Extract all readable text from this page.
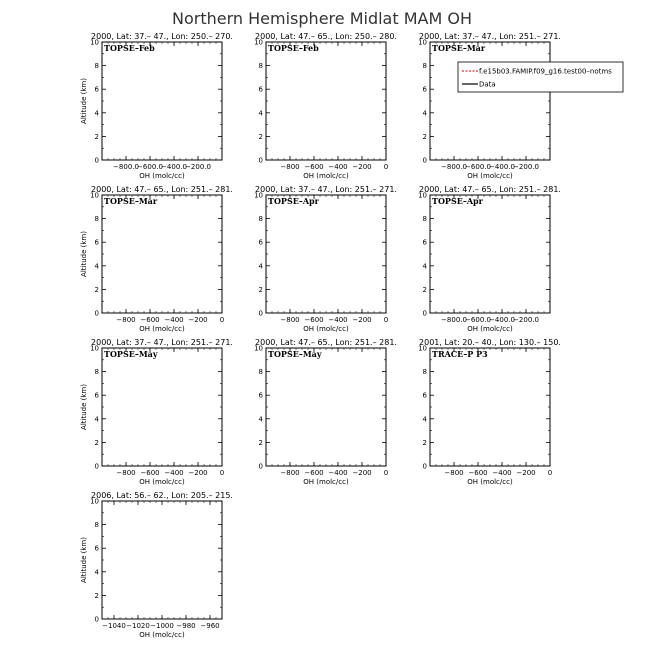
Northern Hemisphere Midlat MAM OH
2000, Lat: 37.– 47., Lon: 250.– 270.
0
2
4
6
8
10
−800.0
−600.0
−400.0
−200.0
OH (molc/cc)
Altitude (km)
TOPSE–Feb
2000, Lat: 47.– 65., Lon: 250.– 280.
0
2
4
6
8
10
−800 −600 −400 −200 0
OH (molc/cc)
TOPSE–Feb
2000, Lat: 37.– 47., Lon: 251.– 271.
0
2
4
6
8
10
−800.0
−600.0
−400.0
−200.0
OH (molc/cc)
TOPSE–Mar
2000, Lat: 47.– 65., Lon: 251.– 281.
0
2
4
6
8
10
−800 −600 −400 −200 0
OH (molc/cc)
Altitude (km)
TOPSE–Mar
2000, Lat: 37.– 47., Lon: 251.– 271.
0
2
4
6
8
10
−800 −600 −400 −200 0
OH (molc/cc)
TOPSE–Apr
2000, Lat: 47.– 65., Lon: 251.– 281.
0
2
4
6
8
10
−800.0
−600.0
−400.0
−200.0
OH (molc/cc)
TOPSE–Apr
2000, Lat: 37.– 47., Lon: 251.– 271.
0
2
4
6
8
10
−800 −600 −400 −200 0
OH (molc/cc)
Altitude (km)
TOPSE–May
2000, Lat: 47.– 65., Lon: 251.– 281.
0
2
4
6
8
10
−800 −600 −400 −200 0
OH (molc/cc)
TOPSE–May
2001, Lat: 20.– 40., Lon: 130.– 150.
0
2
4
6
8
10
−800 −600 −400 −200 0
OH (molc/cc)
TRACE–P P3
2006, Lat: 56.– 62., Lon: 205.– 215.
0
2
4
6
8
10
−1040 −1020 −1000 −980 −960
OH (molc/cc)
Altitude (km)
f.e15b03.FAMIP.f09_g16.test00–notms
Data
